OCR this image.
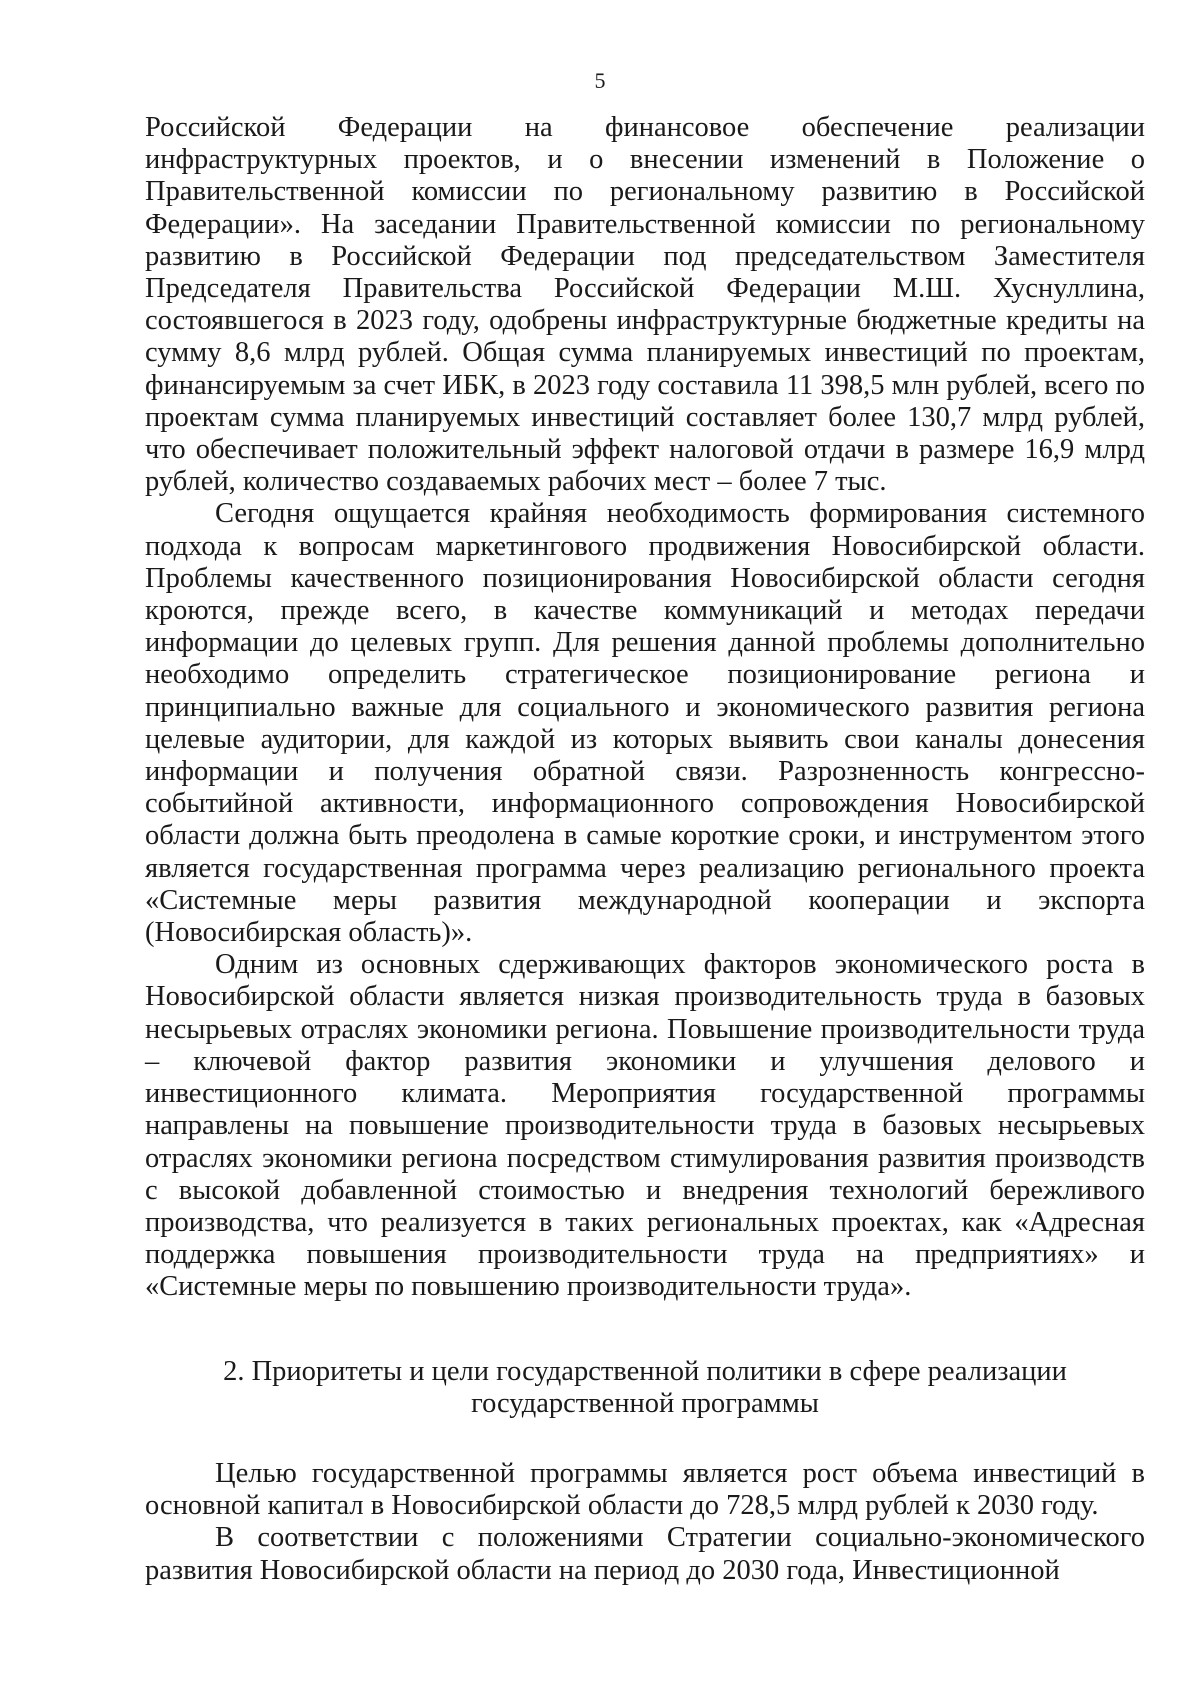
5

Российской Федерации на финансовое обеспечение реализации инфраструктурных проектов, и о внесении изменений в Положение о Правительственной комиссии по региональному развитию в Российской Федерации». На заседании Правительственной комиссии по региональному развитию в Российской Федерации под председательством Заместителя Председателя Правительства Российской Федерации М.Ш. Хуснуллина, состоявшегося в 2023 году, одобрены инфраструктурные бюджетные кредиты на сумму 8,6 млрд рублей. Общая сумма планируемых инвестиций по проектам, финансируемым за счет ИБК, в 2023 году составила 11 398,5 млн рублей, всего по проектам сумма планируемых инвестиций составляет более 130,7 млрд рублей, что обеспечивает положительный эффект налоговой отдачи в размере 16,9 млрд рублей, количество создаваемых рабочих мест – более 7 тыс.

Сегодня ощущается крайняя необходимость формирования системного подхода к вопросам маркетингового продвижения Новосибирской области. Проблемы качественного позиционирования Новосибирской области сегодня кроются, прежде всего, в качестве коммуникаций и методах передачи информации до целевых групп. Для решения данной проблемы дополнительно необходимо определить стратегическое позиционирование региона и принципиально важные для социального и экономического развития региона целевые аудитории, для каждой из которых выявить свои каналы донесения информации и получения обратной связи. Разрозненность конгрессно-событийной активности, информационного сопровождения Новосибирской области должна быть преодолена в самые короткие сроки, и инструментом этого является государственная программа через реализацию регионального проекта «Системные меры развития международной кооперации и экспорта (Новосибирская область)».

Одним из основных сдерживающих факторов экономического роста в Новосибирской области является низкая производительность труда в базовых несырьевых отраслях экономики региона. Повышение производительности труда – ключевой фактор развития экономики и улучшения делового и инвестиционного климата. Мероприятия государственной программы направлены на повышение производительности труда в базовых несырьевых отраслях экономики региона посредством стимулирования развития производств с высокой добавленной стоимостью и внедрения технологий бережливого производства, что реализуется в таких региональных проектах, как «Адресная поддержка повышения производительности труда на предприятиях» и «Системные меры по повышению производительности труда».

2. Приоритеты и цели государственной политики в сфере реализации
государственной программы

Целью государственной программы является рост объема инвестиций в основной капитал в Новосибирской области до 728,5 млрд рублей к 2030 году.

В соответствии с положениями Стратегии социально-экономического развития Новосибирской области на период до 2030 года, Инвестиционной
